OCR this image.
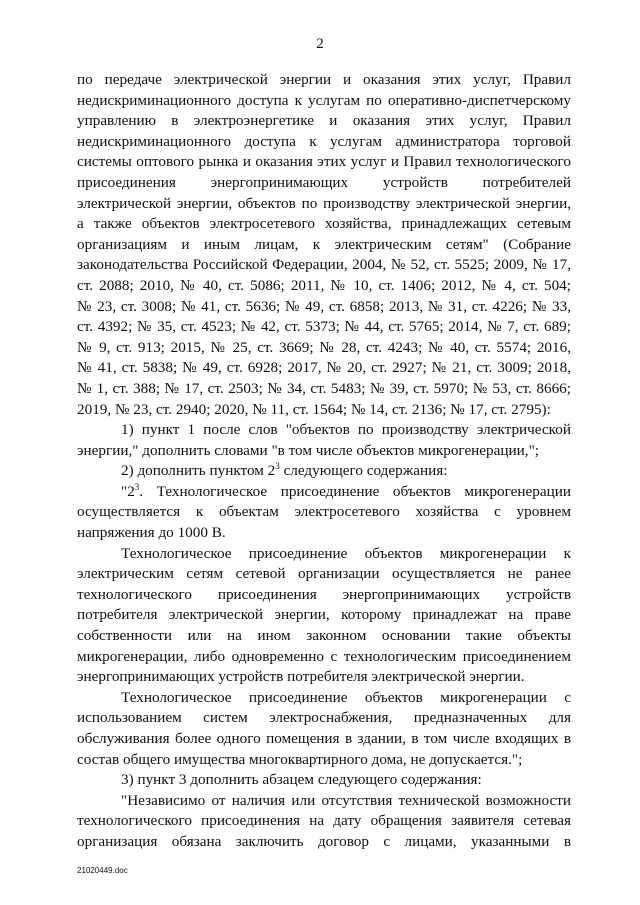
2

по передаче электрической энергии и оказания этих услуг, Правил

недискриминационного доступа к услугам по оперативно-диспетчерскому

управлению в электроэнергетике и оказания этих услуг, Правил

недискриминационного доступа к услугам администратора торговой

системы оптового рынка и оказания этих услуг и Правил технологического

присоединения энергопринимающих устройств потребителей

электрической энергии, объектов по производству электрической энергии,

а также объектов электросетевого хозяйства, принадлежащих сетевым

организациям и иным лицам, к электрическим сетям" (Собрание

законодательства Российской Федерации, 2004, № 52, ст. 5525; 2009, № 17,

ст. 2088; 2010, № 40, ст. 5086; 2011, № 10, ст. 1406; 2012, № 4, ст. 504;

№ 23, ст. 3008; № 41, ст. 5636; № 49, ст. 6858; 2013, № 31, ст. 4226; № 33,

ст. 4392; № 35, ст. 4523; № 42, ст. 5373; № 44, ст. 5765; 2014, № 7, ст. 689;

№ 9, ст. 913; 2015, № 25, ст. 3669; № 28, ст. 4243; № 40, ст. 5574; 2016,

№ 41, ст. 5838; № 49, ст. 6928; 2017, № 20, ст. 2927; № 21, ст. 3009; 2018,

№ 1, ст. 388; № 17, ст. 2503; № 34, ст. 5483; № 39, ст. 5970; № 53, ст. 8666;

2019, № 23, ст. 2940; 2020, № 11, ст. 1564; № 14, ст. 2136; № 17, ст. 2795):

1) пункт 1 после слов "объектов по производству электрической

энергии," дополнить словами "в том числе объектов микрогенерации,";

2) дополнить пунктом $2^3$ следующего содержания:

"$2^3$. Технологическое присоединение объектов микрогенерации

осуществляется к объектам электросетевого хозяйства с уровнем

напряжения до 1000 В.

Технологическое присоединение объектов микрогенерации к

электрическим сетям сетевой организации осуществляется не ранее

технологического присоединения энергопринимающих устройств

потребителя электрической энергии, которому принадлежат на праве

собственности или на ином законном основании такие объекты

микрогенерации, либо одновременно с технологическим присоединением

энергопринимающих устройств потребителя электрической энергии.

Технологическое присоединение объектов микрогенерации с

использованием систем электроснабжения, предназначенных для

обслуживания более одного помещения в здании, в том числе входящих в

состав общего имущества многоквартирного дома, не допускается.";

3) пункт 3 дополнить абзацем следующего содержания:

"Независимо от наличия или отсутствия технической возможности

технологического присоединения на дату обращения заявителя сетевая

организация обязана заключить договор с лицами, указанными в

21020449.doc
